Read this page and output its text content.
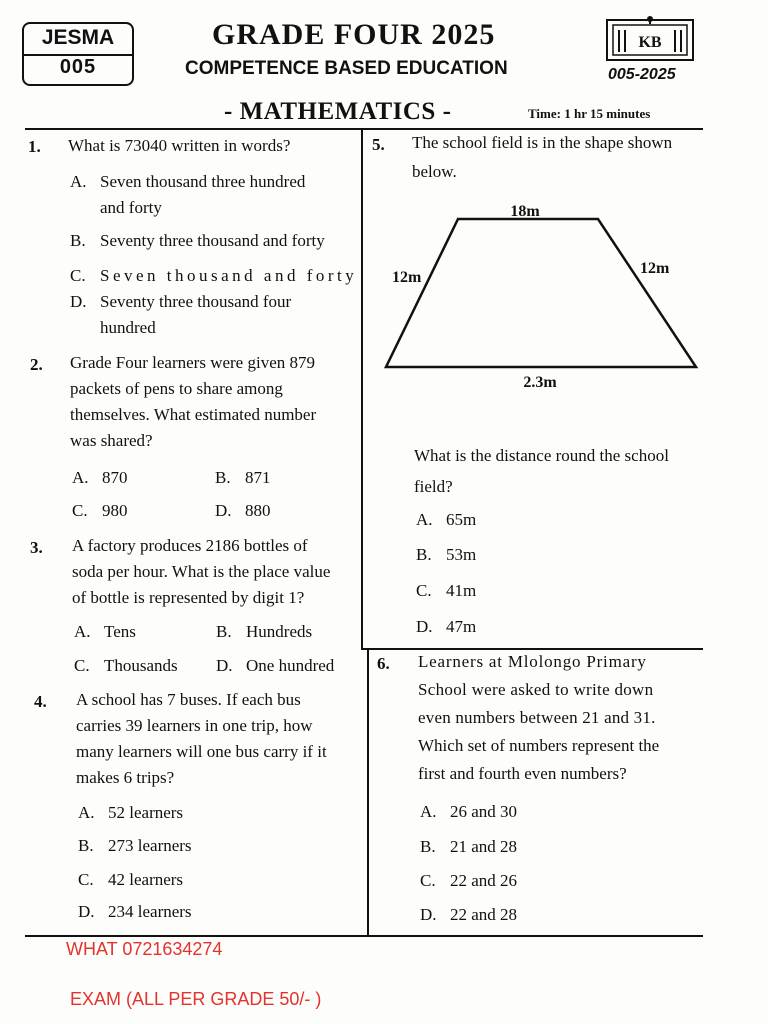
JESMA
005
GRADE FOUR 2025
COMPETENCE BASED EDUCATION
KB
005-2025
- MATHEMATICS -	Time: 1 hr 15 minutes
1. What is 73040 written in words?
A. Seven thousand three hundred
and forty
B. Seventy three thousand and forty
C. Seven thousand and forty
D. Seventy three thousand four
hundred
2. Grade Four learners were given 879
packets of pens to share among
themselves. What estimated number
was shared?
A. 870	B. 871
C. 980	D. 880
3. A factory produces 2186 bottles of
soda per hour. What is the place value
of bottle is represented by digit 1?
A. Tens	B. Hundreds
C. Thousands D. One hundred
4. A school has 7 buses. If each bus
carries 39 learners in one trip, how
many learners will one bus carry if it
makes 6 trips?
A. 52 learners
B. 273 learners
C. 42 learners
D. 234 learners
5. The school field is in the shape shown
below.
18m
12m
12m
2.3m
What is the distance round the school
field?
A. 65m
B. 53m
C. 41m
D. 47m
6. Learners at Mlolongo Primary
School were asked to write down
even numbers between 21 and 31.
Which set of numbers represent the
first and fourth even numbers?
A. 26 and 30
B. 21 and 28
C. 22 and 26
D. 22 and 28
WHAT 0721634274
EXAM (ALL PER GRADE 50/- )
